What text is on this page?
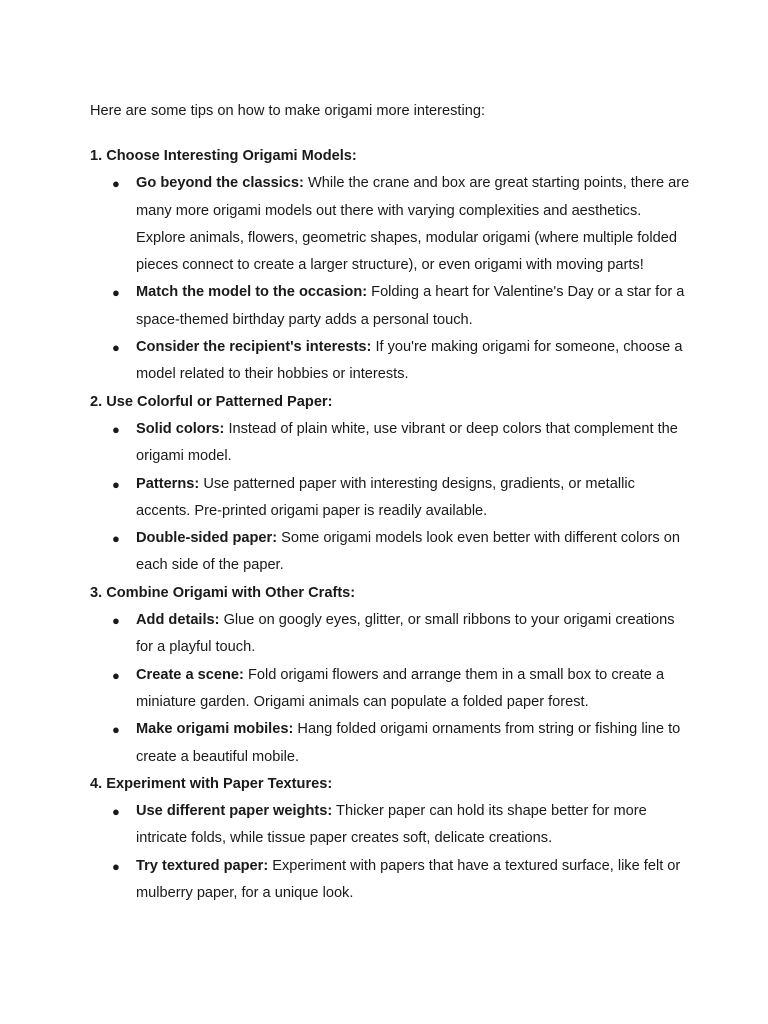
Here are some tips on how to make origami more interesting:

1. Choose Interesting Origami Models:

● Go beyond the classics: While the crane and box are great starting points, there are many more origami models out there with varying complexities and aesthetics. Explore animals, flowers, geometric shapes, modular origami (where multiple folded pieces connect to create a larger structure), or even origami with moving parts!
● Match the model to the occasion: Folding a heart for Valentine's Day or a star for a space-themed birthday party adds a personal touch.
● Consider the recipient's interests: If you're making origami for someone, choose a model related to their hobbies or interests.

2. Use Colorful or Patterned Paper:

● Solid colors: Instead of plain white, use vibrant or deep colors that complement the origami model.
● Patterns: Use patterned paper with interesting designs, gradients, or metallic accents. Pre-printed origami paper is readily available.
● Double-sided paper: Some origami models look even better with different colors on each side of the paper.

3. Combine Origami with Other Crafts:

● Add details: Glue on googly eyes, glitter, or small ribbons to your origami creations for a playful touch.
● Create a scene: Fold origami flowers and arrange them in a small box to create a miniature garden. Origami animals can populate a folded paper forest.
● Make origami mobiles: Hang folded origami ornaments from string or fishing line to create a beautiful mobile.

4. Experiment with Paper Textures:

● Use different paper weights: Thicker paper can hold its shape better for more intricate folds, while tissue paper creates soft, delicate creations.
● Try textured paper: Experiment with papers that have a textured surface, like felt or mulberry paper, for a unique look.
